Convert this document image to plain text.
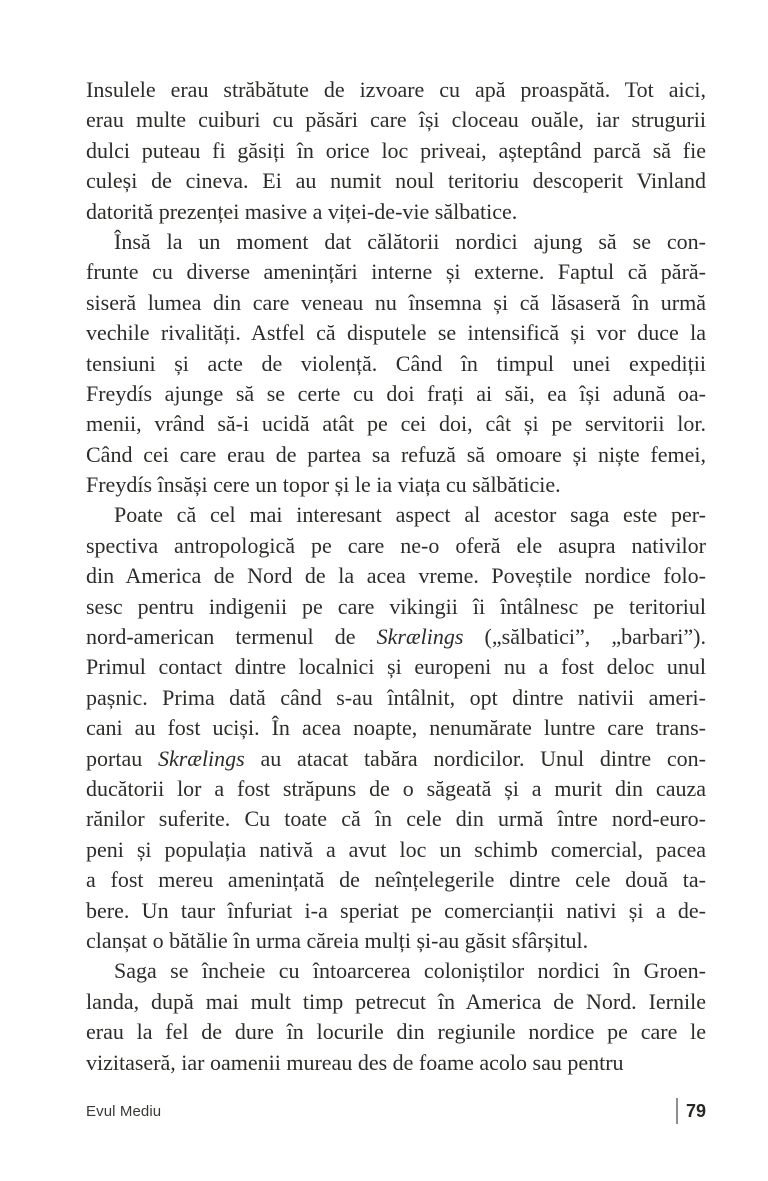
Insulele erau străbătute de izvoare cu apă proaspătă. Tot aici,
erau multe cuiburi cu păsări care își cloceau ouăle, iar strugurii
dulci puteau fi găsiți în orice loc priveai, așteptând parcă să fie
culeși de cineva. Ei au numit noul teritoriu descoperit Vinland
datorită prezenței masive a viței-de-vie sălbatice.
Însă la un moment dat călătorii nordici ajung să se con-
frunte cu diverse amenințări interne și externe. Faptul că pără-
siseră lumea din care veneau nu însemna și că lăsaseră în urmă
vechile rivalități. Astfel că disputele se intensifică și vor duce la
tensiuni și acte de violență. Când în timpul unei expediții
Freydís ajunge să se certe cu doi frați ai săi, ea își adună oa-
menii, vrând să-i ucidă atât pe cei doi, cât și pe servitorii lor.
Când cei care erau de partea sa refuză să omoare și niște femei,
Freydís însăși cere un topor și le ia viața cu sălbăticie.
Poate că cel mai interesant aspect al acestor saga este per-
spectiva antropologică pe care ne-o oferă ele asupra nativilor
din America de Nord de la acea vreme. Poveștile nordice folo-
sesc pentru indigenii pe care vikingii îi întâlnesc pe teritoriul
nord-american termenul de Skrælings („sălbatici”, „barbari”).
Primul contact dintre localnici și europeni nu a fost deloc unul
pașnic. Prima dată când s-au întâlnit, opt dintre nativii ameri-
cani au fost uciși. În acea noapte, nenumărate luntre care trans-
portau Skrælings au atacat tabăra nordicilor. Unul dintre con-
ducătorii lor a fost străpuns de o săgeată și a murit din cauza
rănilor suferite. Cu toate că în cele din urmă între nord-euro-
peni și populația nativă a avut loc un schimb comercial, pacea
a fost mereu amenințată de neînțelegerile dintre cele două ta-
bere. Un taur înfuriat i-a speriat pe comercianții nativi și a de-
clanșat o bătălie în urma căreia mulți și-au găsit sfârșitul.
Saga se încheie cu întoarcerea coloniștilor nordici în Groen-
landa, după mai mult timp petrecut în America de Nord. Iernile
erau la fel de dure în locurile din regiunile nordice pe care le
vizitaseră, iar oamenii mureau des de foame acolo sau pentru
Evul Mediu	79
